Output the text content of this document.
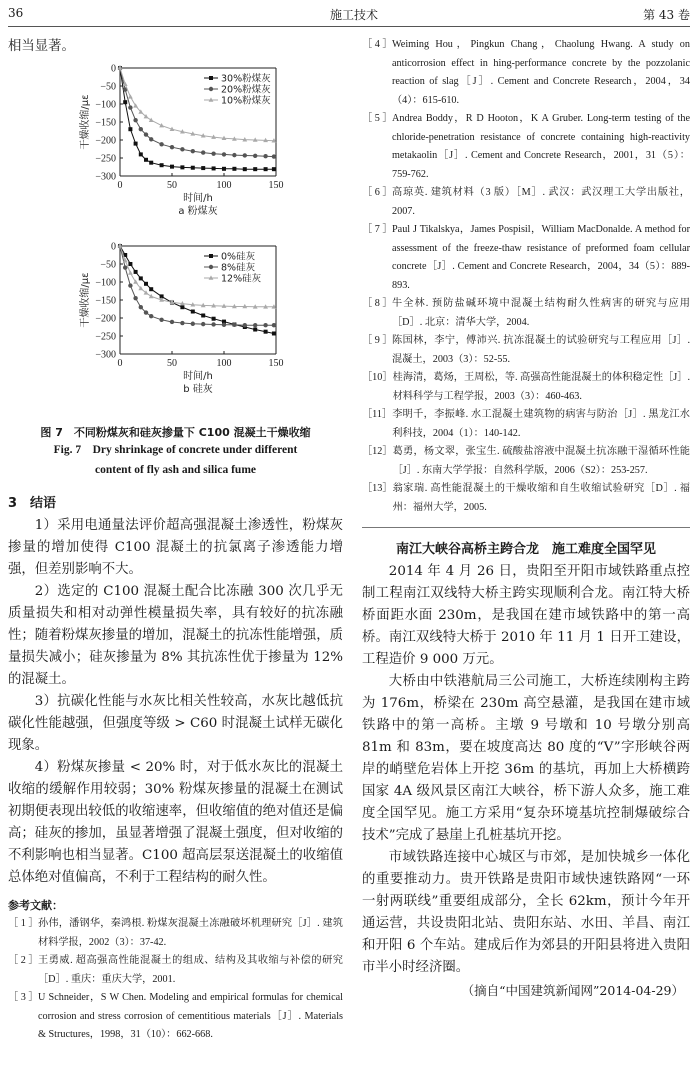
36	施工技术	第 43 卷

相当显著。

0
−50
−100
−150
−200
−250
−300
0	50	100	150
时间/h
a 粉煤灰
干燥收缩/με
30%粉煤灰
20%粉煤灰
10%粉煤灰
0
−50
−100
−150
−200
−250
−300
0	50	100	150
时间/h
b 硅灰
干燥收缩/με
0%硅灰
8%硅灰
12%硅灰

图 7　不同粉煤灰和硅灰掺量下 C100 混凝土干燥收缩

Fig. 7　Dry shrinkage of concrete under different

content of fly ash and silica fume

3　结语

1）采用电通量法评价超高强混凝土渗透性，粉煤灰掺量的增加使得 C100 混凝土的抗氯离子渗透能力增强，但差别影响不大。

2）选定的 C100 混凝土配合比冻融 300 次几乎无质量损失和相对动弹性模量损失率，具有较好的抗冻融性；随着粉煤灰掺量的增加，混凝土的抗冻性能增强，质量损失减小；硅灰掺量为 8% 其抗冻性优于掺量为 12% 的混凝土。

3）抗碳化性能与水灰比相关性较高，水灰比越低抗碳化性能越强，但强度等级 > C60 时混凝土试样无碳化现象。

4）粉煤灰掺量 < 20% 时，对于低水灰比的混凝土收缩的缓解作用较弱；30% 粉煤灰掺量的混凝土在测试初期便表现出较低的收缩速率，但收缩值的绝对值还是偏高；硅灰的掺加，虽显著增强了混凝土强度，但对收缩的不利影响也相当显著。C100 超高层泵送混凝土的收缩值总体绝对值偏高，不利于工程结构的耐久性。

参考文献：
［ 1 ］ 孙伟，潘钢华，秦鸿根. 粉煤灰混凝土冻融破坏机理研究［J］. 建筑材料学报，2002（3）：37-42.
［ 2 ］ 王勇威. 超高强高性能混凝土的组成、结构及其收缩与补偿的研究［D］. 重庆：重庆大学，2001.
［ 3 ］ U Schneider，S W Chen. Modeling and empirical formulas for chemical corrosion and stress corrosion of cementitious materials［J］. Materials & Structures，1998，31（10）：662-668.
［ 4 ］ Weiming Hou，Pingkun Chang，Chaolung Hwang. A study on anticorrosion effect in hing-performance concrete by the pozzolanic reaction of slag［J］. Cement and Concrete Research，2004，34（4）：615-610.
［ 5 ］ Andrea Boddy，R D Hooton，K A Gruber. Long-term testing of the chloride-penetration resistance of concrete containing high-reactivity metakaolin［J］. Cement and Concrete Research，2001，31（5）：759-762.
［ 6 ］ 高琼英. 建筑材料（3 版）［M］. 武汉：武汉理工大学出版社，2007.
［ 7 ］ Paul J Tikalskya，James Pospisil，William MacDonalde. A method for assessment of the freeze-thaw resistance of preformed foam cellular concrete［J］. Cement and Concrete Research，2004，34（5）：889-893.
［ 8 ］ 牛全林. 预防盐碱环境中混凝土结构耐久性病害的研究与应用［D］. 北京：清华大学，2004.
［ 9 ］ 陈国林，李宁，傅沛兴. 抗冻混凝土的试验研究与工程应用［J］. 混凝土，2003（3）：52-55.
［10］ 桂海清，葛炀，王周松，等. 高强高性能混凝土的体积稳定性［J］. 材料科学与工程学报，2003（3）：460-463.
［11］ 李明千，李振峰. 水工混凝土建筑物的病害与防治［J］. 黑龙江水利科技，2004（1）：140-142.
［12］ 葛勇，杨文翠，张宝生. 硫酸盐溶液中混凝土抗冻融干湿循环性能［J］. 东南大学学报：自然科学版，2006（S2）：253-257.
［13］ 翁家瑞. 高性能混凝土的干燥收缩和自生收缩试验研究［D］. 福州：福州大学，2005.
南江大峡谷高桥主跨合龙　施工难度全国罕见

2014 年 4 月 26 日，贵阳至开阳市域铁路重点控制工程南江双线特大桥主跨实现顺利合龙。南江特大桥桥面距水面 230m，是我国在建市域铁路中的第一高桥。南江双线特大桥于 2010 年 11 月 1 日开工建设，工程造价 9 000 万元。

大桥由中铁港航局三公司施工，大桥连续刚构主跨为 176m，桥梁在 230m 高空悬灌，是我国在建市域铁路中的第一高桥。主墩 9 号墩和 10 号墩分别高 81m 和 83m，要在坡度高达 80 度的“V”字形峡谷两岸的峭壁危岩体上开挖 36m 的基坑，再加上大桥横跨国家 4A 级风景区南江大峡谷，桥下游人众多，施工难度全国罕见。施工方采用“复杂环境基坑控制爆破综合技术”完成了悬崖上孔桩基坑开挖。

市域铁路连接中心城区与市郊，是加快城乡一体化的重要推动力。贵开铁路是贵阳市域快速铁路网“一环一射两联线”重要组成部分，全长 62km，预计今年开通运营，共设贵阳北站、贵阳东站、水田、羊昌、南江和开阳 6 个车站。建成后作为郊县的开阳县将进入贵阳市半小时经济圈。

（摘自“中国建筑新闻网”2014-04-29）
